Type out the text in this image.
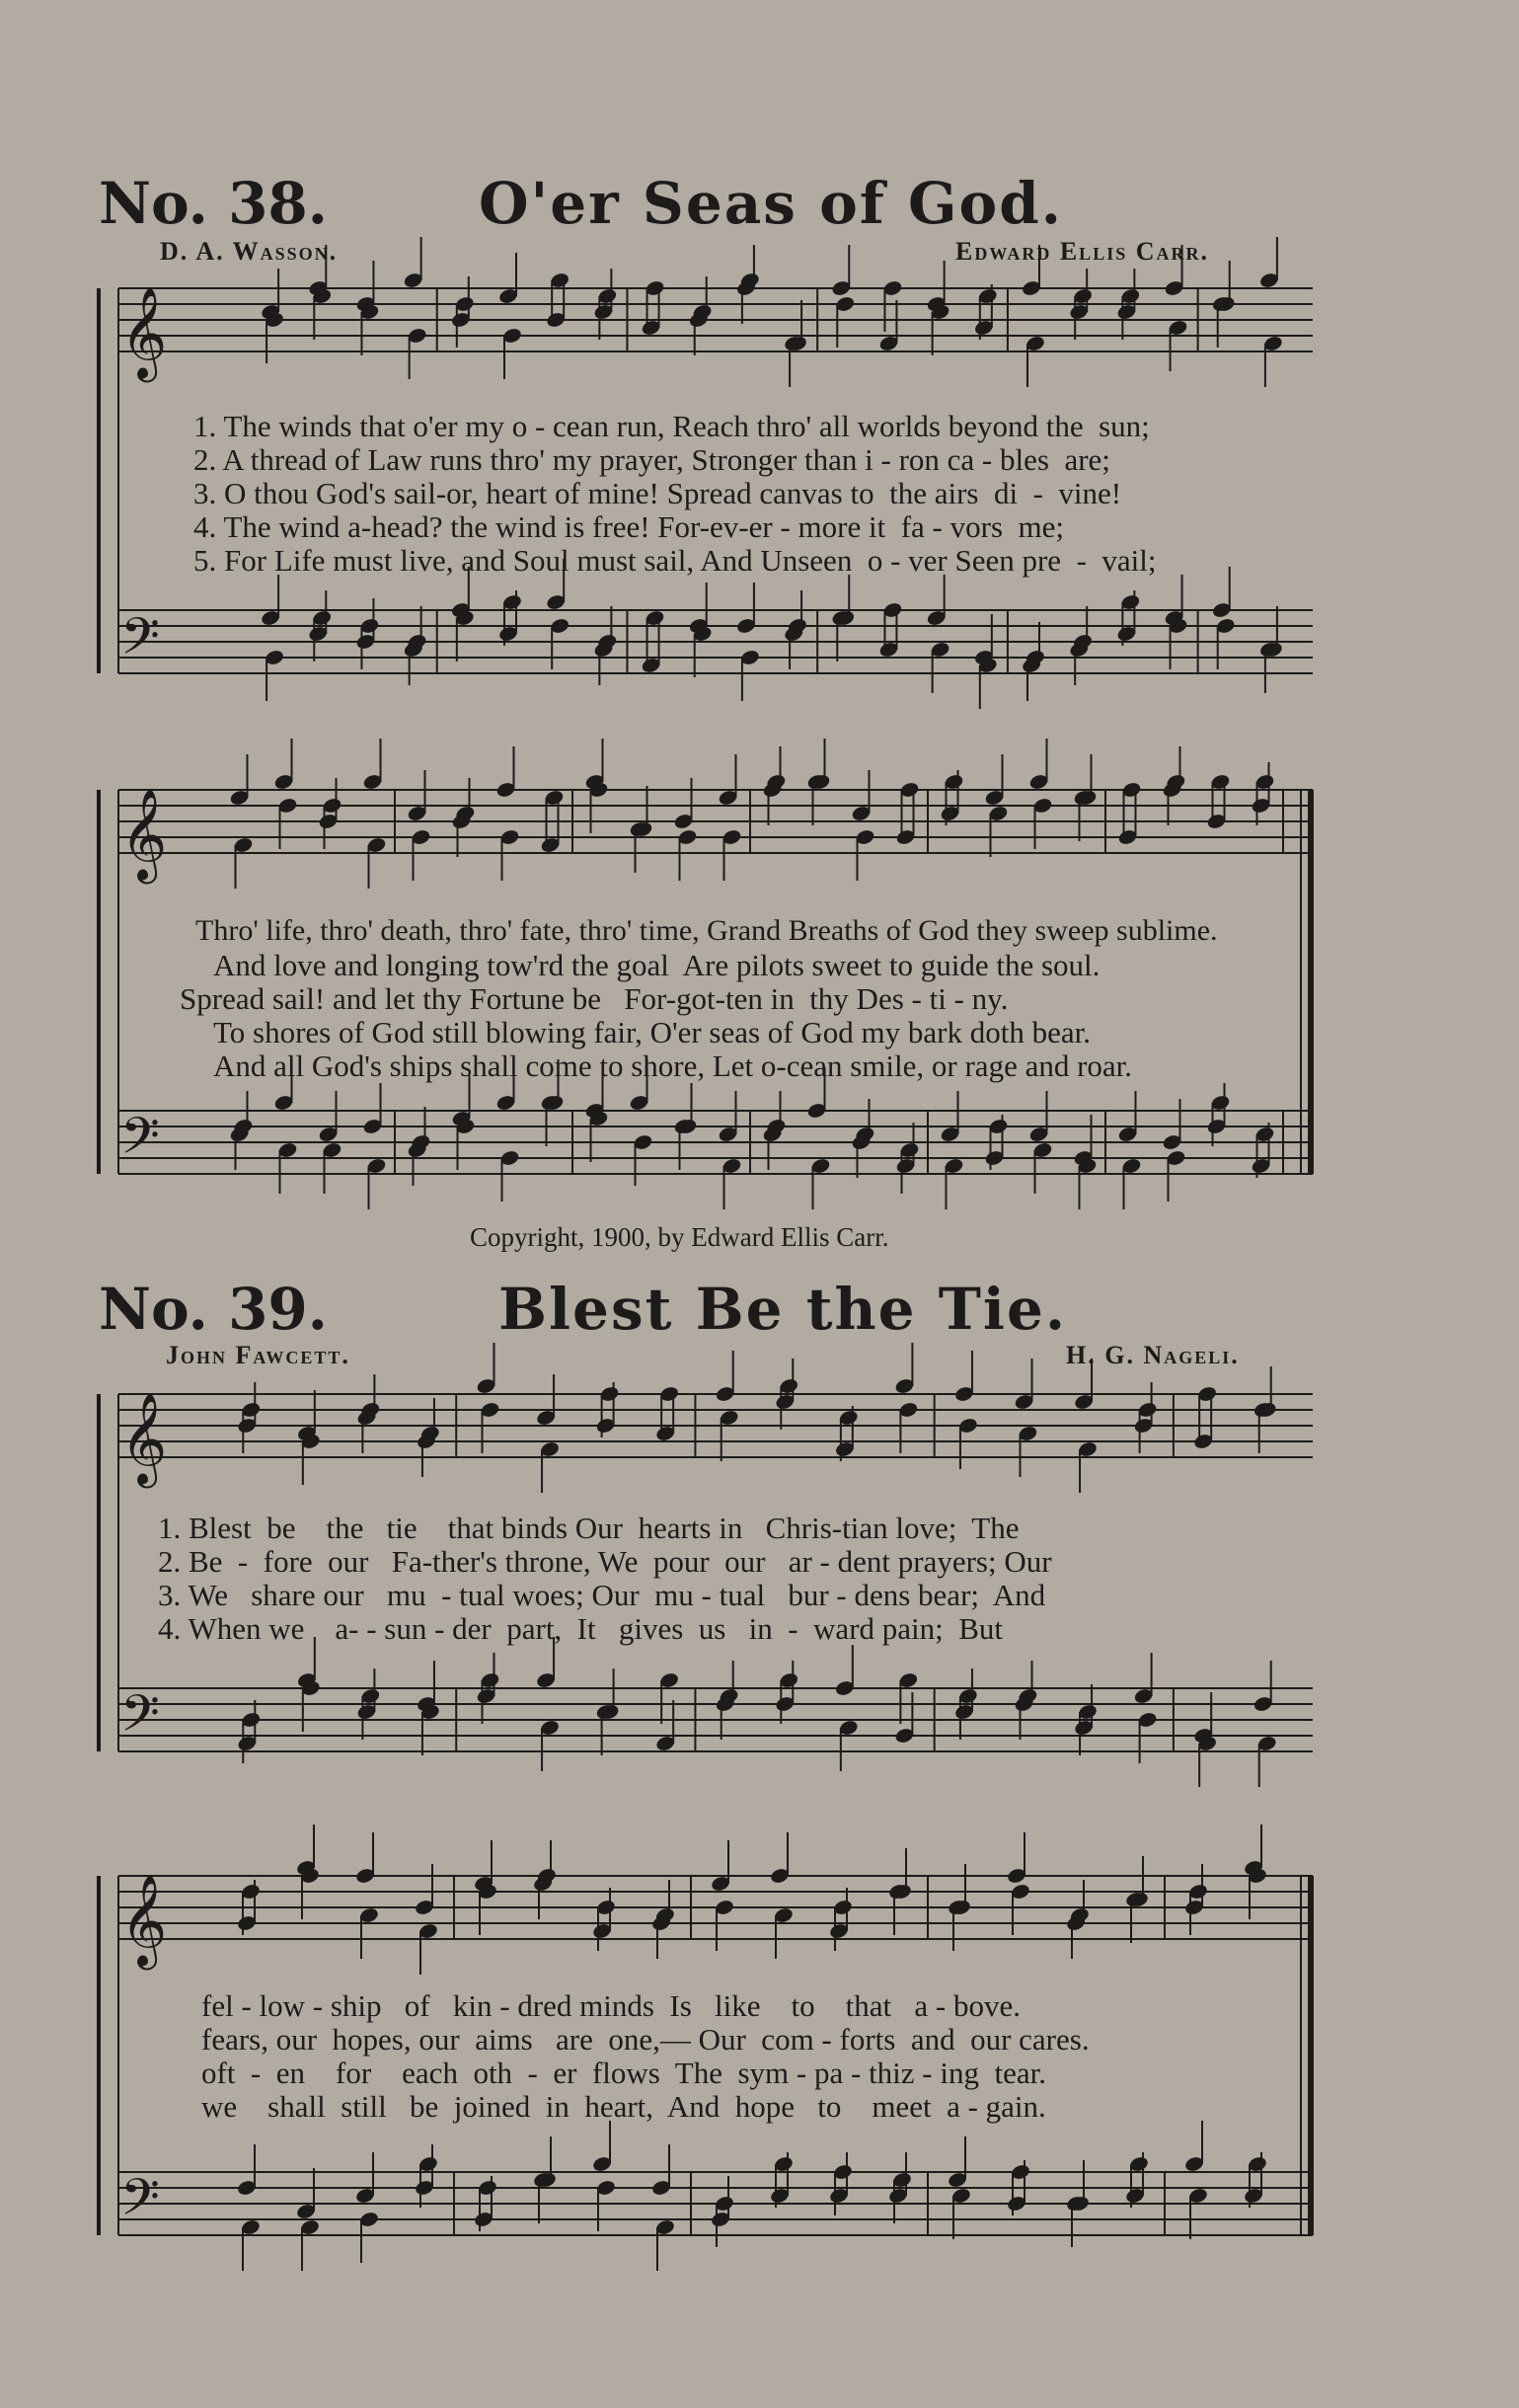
No. 38.	O'er Seas of God.
D. A. Wasson.	Edward Ellis Carr.
𝄞
𝄢
𝄞
𝄢
𝄞
𝄢
𝄞
𝄢
1. The winds that o'er my o - cean run, Reach thro' all worlds beyond the  sun;
2. A thread of Law runs thro' my prayer, Stronger than i - ron ca - bles  are;
3. O thou God's sail-or, heart of mine! Spread canvas to  the airs  di  -  vine!
4. The wind a-head? the wind is free! For-ev-er - more it  fa - vors  me;
5. For Life must live, and Soul must sail, And Unseen  o - ver Seen pre  -  vail;
Thro' life, thro' death, thro' fate, thro' time, Grand Breaths of God they sweep sublime.
And love and longing tow'rd the goal  Are pilots sweet to guide the soul.
Spread sail! and let thy Fortune be   For-got-ten in  thy Des - ti - ny.
To shores of God still blowing fair, O'er seas of God my bark doth bear.
And all God's ships shall come to shore, Let o-cean smile, or rage and roar.
Copyright, 1900, by Edward Ellis Carr.
No. 39.	Blest Be the Tie.
John Fawcett.	H. G. Nageli.
1. Blest  be    the   tie    that binds Our  hearts in   Chris-tian love;  The
2. Be  -  fore  our   Fa-ther's throne, We  pour  our   ar - dent prayers; Our
3. We   share our   mu  - tual woes; Our  mu - tual   bur - dens bear;  And
4. When we    a- - sun - der  part,  It   gives  us   in  -  ward pain;  But
fel - low - ship   of   kin - dred minds  Is   like    to    that   a - bove.
fears, our  hopes, our  aims   are  one,— Our  com - forts  and  our cares.
oft  -  en    for    each  oth  -  er  flows  The  sym - pa - thiz - ing  tear.
we    shall  still   be  joined  in  heart,  And  hope   to    meet  a - gain.
